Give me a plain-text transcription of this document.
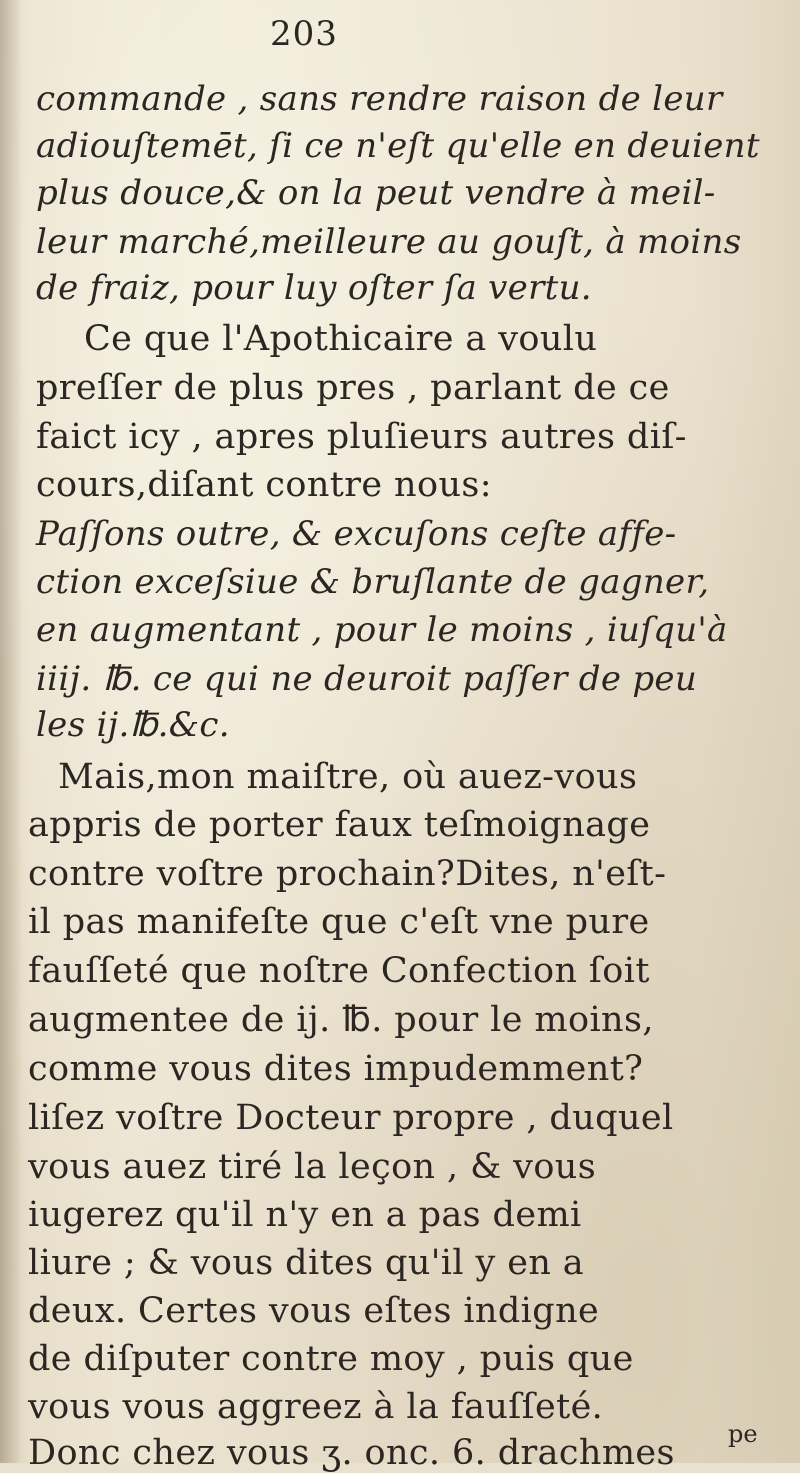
203
commande , sans rendre raison de leur
adiouſtemēt, ſi ce n'eſt qu'elle en deuient
plus douce,& on la peut vendre à meil-
leur marché,meilleure au gouſt, à moins
de fraiz, pour luy oſter ſa vertu.
Ce que l'Apothicaire a voulu
preſſer de plus pres , parlant de ce
faict icy , apres pluſieurs autres diſ-
cours,diſant contre nous:
Paſſons outre, & excuſons ceſte affe-
ction exceſsiue & bruſlante de gagner,
en augmentant , pour le moins , iuſqu'à
iiij. ℔. ce qui ne deuroit paſſer de peu
les ij.℔.&c.
Mais,mon maiſtre, où auez-vous
appris de porter faux teſmoignage
contre voſtre prochain?Dites, n'eſt-
il pas manifeſte que c'eſt vne pure
fauſſeté que noſtre Confection ſoit
augmentee de ij. ℔. pour le moins,
comme vous dites impudemment?
liſez voſtre Docteur propre , duquel
vous auez tiré la leçon , & vous
iugerez qu'il n'y en a pas demi
liure ; & vous dites qu'il y en a
deux. Certes vous eſtes indigne
de diſputer contre moy , puis que
vous vous aggreez à la fauſſeté.
Donc chez vous ʒ. onc. 6. drachmes pe
